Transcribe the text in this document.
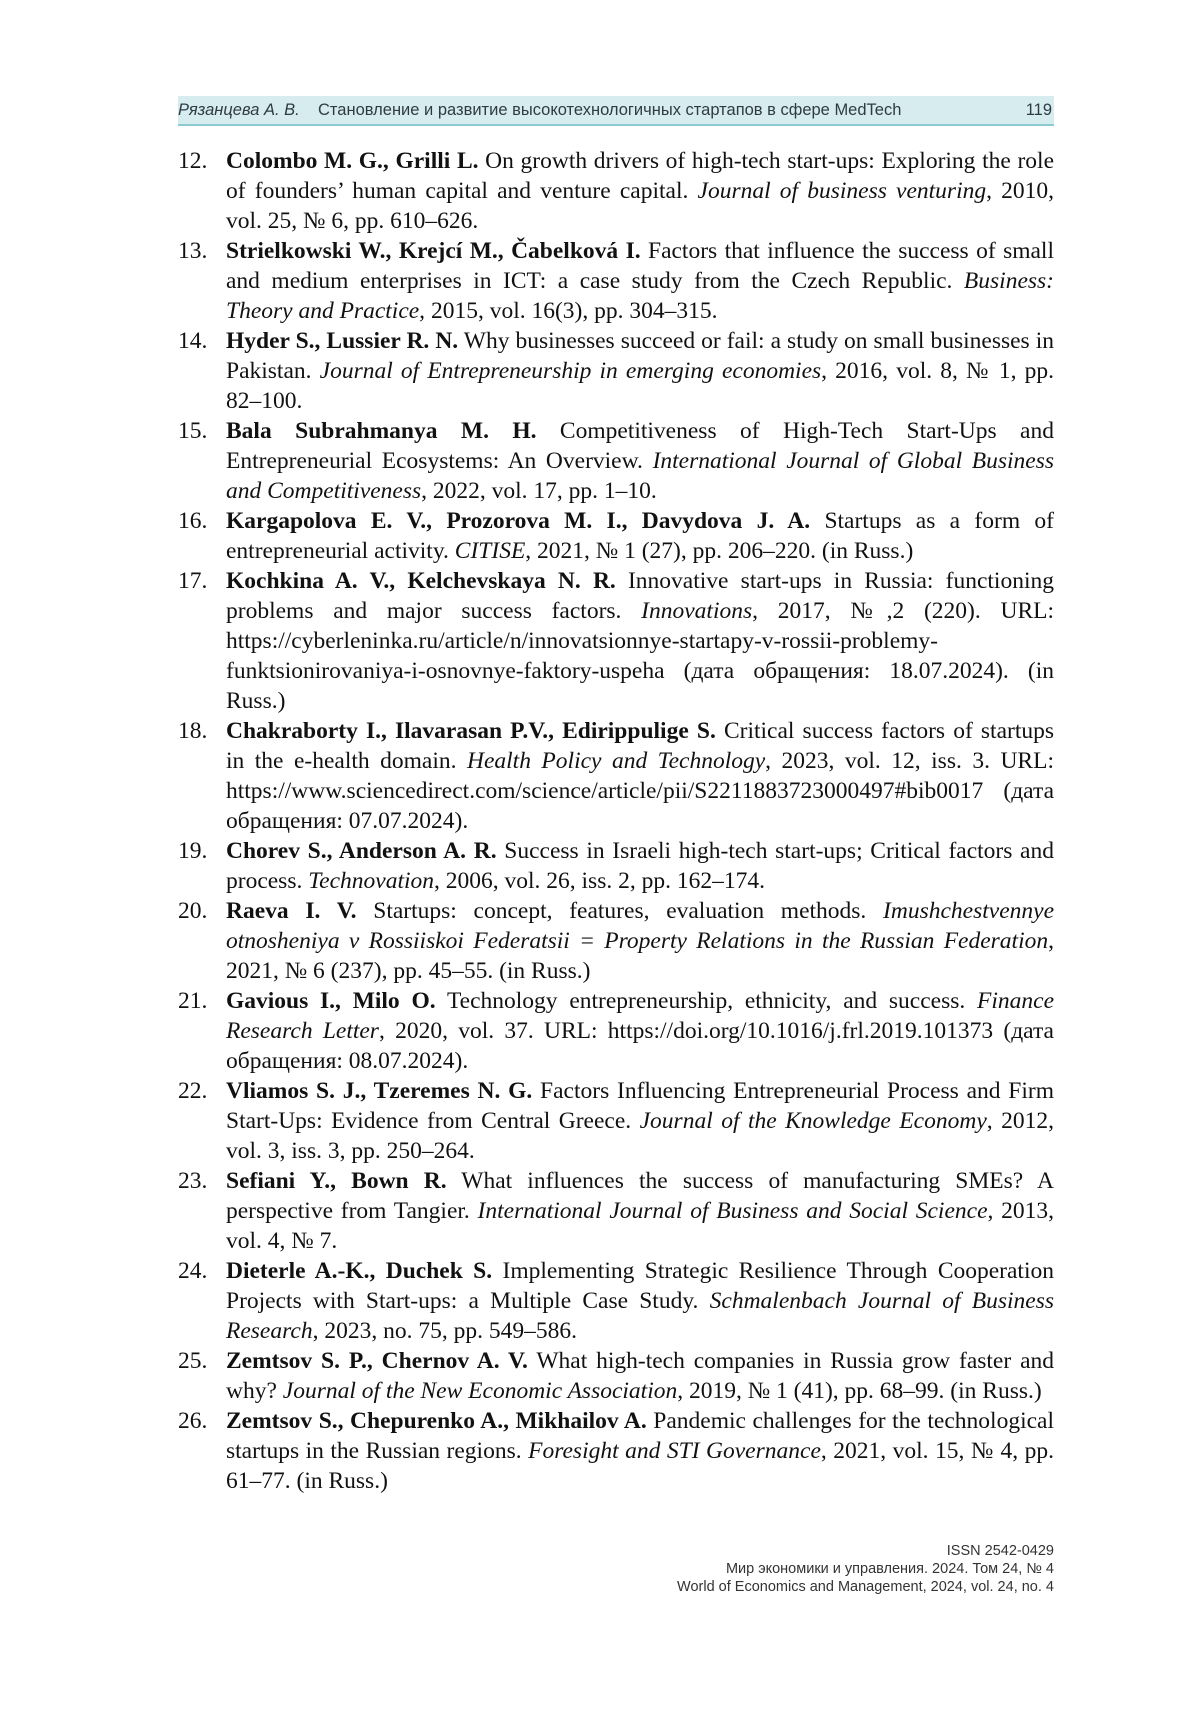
Рязанцева А. В. Становление и развитие высокотехнологичных стартапов в сфере MedTech	119
12. Colombo M. G., Grilli L. On growth drivers of high-tech start-ups: Exploring the role of founders’ human capital and venture capital. Journal of business venturing, 2010, vol. 25, № 6, pp. 610–626.
13. Strielkowski W., Krejcí M., Čabelková I. Factors that influence the success of small and medium enterprises in ICT: a case study from the Czech Republic. Business: Theory and Practice, 2015, vol. 16(3), pp. 304–315.
14. Hyder S., Lussier R. N. Why businesses succeed or fail: a study on small businesses in Pakistan. Journal of Entrepreneurship in emerging economies, 2016, vol. 8, № 1, pp. 82–100.
15. Bala Subrahmanya M. H. Competitiveness of High-Tech Start-Ups and Entrepreneurial Ecosystems: An Overview. International Journal of Global Business and Competitiveness, 2022, vol. 17, pp. 1–10.
16. Kargapolova E. V., Prozorova M. I., Davydova J. A. Startups as a form of entrepreneurial activity. CITISE, 2021, № 1 (27), pp. 206–220. (in Russ.)
17. Kochkina A. V., Kelchevskaya N. R. Innovative start-ups in Russia: functioning problems and major success factors. Innovations, 2017, №,2 (220). URL: https://cyberleninka.ru/article/n/innovatsionnye-startapy-v-rossii-problemy-funktsionirovaniya-i-osnovnye-faktory-uspeha (дата обращения: 18.07.2024). (in Russ.)
18. Chakraborty I., Ilavarasan P.V., Edirippulige S. Critical success factors of startups in the e-health domain. Health Policy and Technology, 2023, vol. 12, iss. 3. URL: https://www.sciencedirect.com/science/article/pii/S2211883723000497#bib0017 (дата обращения: 07.07.2024).
19. Chorev S., Anderson A. R. Success in Israeli high-tech start-ups; Critical factors and process. Technovation, 2006, vol. 26, iss. 2, pp. 162–174.
20. Raeva I. V. Startups: concept, features, evaluation methods. Imushchestvennye otnosheniya v Rossiiskoi Federatsii = Property Relations in the Russian Federation, 2021, № 6 (237), pp. 45–55. (in Russ.)
21. Gavious I., Milo O. Technology entrepreneurship, ethnicity, and success. Finance Research Letter, 2020, vol. 37. URL: https://doi.org/10.1016/j.frl.2019.101373 (дата обращения: 08.07.2024).
22. Vliamos S. J., Tzeremes N. G. Factors Influencing Entrepreneurial Process and Firm Start-Ups: Evidence from Central Greece. Journal of the Knowledge Economy, 2012, vol. 3, iss. 3, pp. 250–264.
23. Sefiani Y., Bown R. What influences the success of manufacturing SMEs? A perspective from Tangier. International Journal of Business and Social Science, 2013, vol. 4, № 7.
24. Dieterle A.-K., Duchek S. Implementing Strategic Resilience Through Cooperation Projects with Start-ups: a Multiple Case Study. Schmalenbach Journal of Business Research, 2023, no. 75, pp. 549–586.
25. Zemtsov S. P., Chernov A. V. What high-tech companies in Russia grow faster and why? Journal of the New Economic Association, 2019, № 1 (41), pp. 68–99. (in Russ.)
26. Zemtsov S., Chepurenko A., Mikhailov A. Pandemic challenges for the technological startups in the Russian regions. Foresight and STI Governance, 2021, vol. 15, № 4, pp. 61–77. (in Russ.)
ISSN 2542-0429
Мир экономики и управления. 2024. Том 24, № 4
World of Economics and Management, 2024, vol. 24, no. 4
